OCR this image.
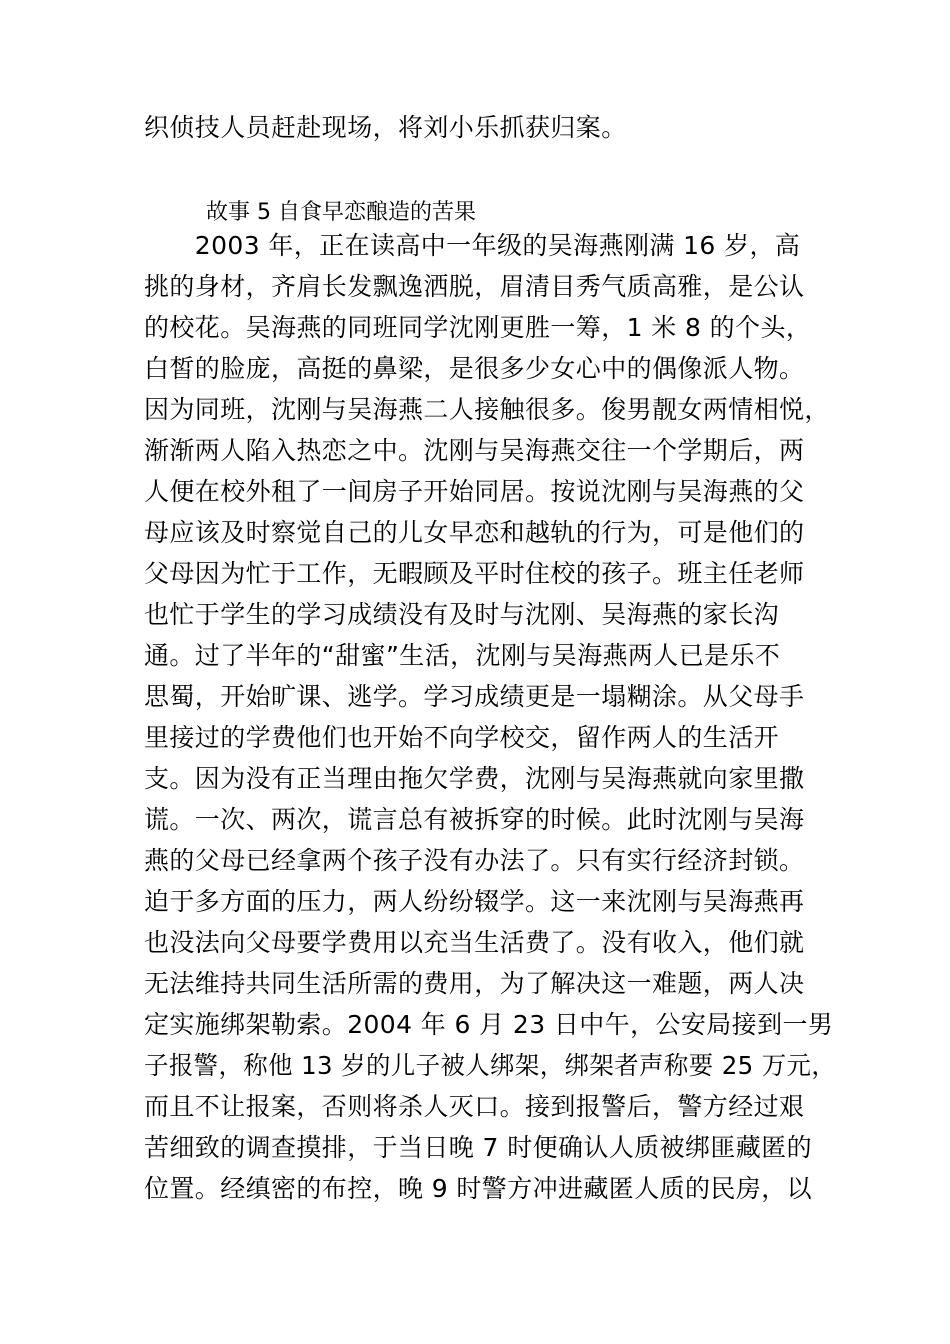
织侦技人员赶赴现场，将刘小乐抓获归案。
故事 5 自食早恋酿造的苦果
　　2003 年，正在读高中一年级的吴海燕刚满 16 岁，高
挑的身材，齐肩长发飘逸洒脱，眉清目秀气质高雅，是公认
的校花。吴海燕的同班同学沈刚更胜一筹，1 米 8 的个头，
白皙的脸庞，高挺的鼻梁，是很多少女心中的偶像派人物。
因为同班，沈刚与吴海燕二人接触很多。俊男靓女两情相悦，
渐渐两人陷入热恋之中。沈刚与吴海燕交往一个学期后，两
人便在校外租了一间房子开始同居。按说沈刚与吴海燕的父
母应该及时察觉自己的儿女早恋和越轨的行为，可是他们的
父母因为忙于工作，无暇顾及平时住校的孩子。班主任老师
也忙于学生的学习成绩没有及时与沈刚、吴海燕的家长沟
通。过了半年的“甜蜜”生活，沈刚与吴海燕两人已是乐不
思蜀，开始旷课、逃学。学习成绩更是一塌糊涂。从父母手
里接过的学费他们也开始不向学校交，留作两人的生活开
支。因为没有正当理由拖欠学费，沈刚与吴海燕就向家里撒
谎。一次、两次，谎言总有被拆穿的时候。此时沈刚与吴海
燕的父母已经拿两个孩子没有办法了。只有实行经济封锁。
迫于多方面的压力，两人纷纷辍学。这一来沈刚与吴海燕再
也没法向父母要学费用以充当生活费了。没有收入，他们就
无法维持共同生活所需的费用，为了解决这一难题，两人决
定实施绑架勒索。2004 年 6 月 23 日中午，公安局接到一男
子报警，称他 13 岁的儿子被人绑架，绑架者声称要 25 万元，
而且不让报案，否则将杀人灭口。接到报警后，警方经过艰
苦细致的调查摸排，于当日晚 7 时便确认人质被绑匪藏匿的
位置。经缜密的布控，晚 9 时警方冲进藏匿人质的民房，以
